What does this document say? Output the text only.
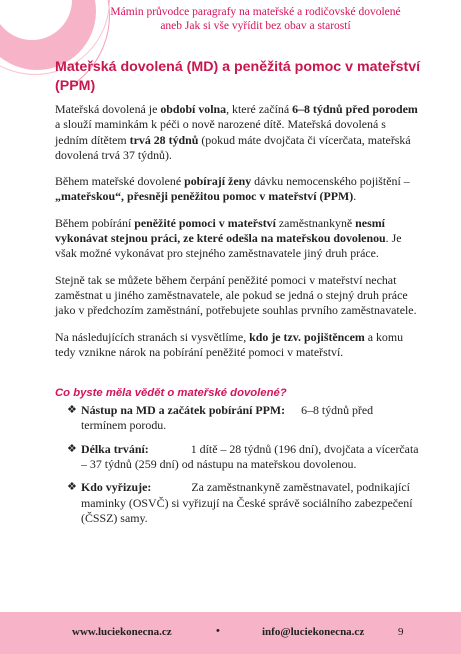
Mámin průvodce paragrafy na mateřské a rodičovské dovolené
aneb Jak si vše vyřídit bez obav a starostí
Mateřská dovolená (MD) a peněžitá pomoc v mateřství (PPM)

Mateřská dovolená je období volna, které začíná 6–8 týdnů před porodem a slouží maminkám k péči o nově narozené dítě. Mateřská dovolená s jedním dítětem trvá 28 týdnů (pokud máte dvojčata či vícerčata, mateřská dovolená trvá 37 týdnů).

Během mateřské dovolené pobírají ženy dávku nemocenského pojištění – „mateřskou“, přesněji peněžitou pomoc v mateřství (PPM).

Během pobírání peněžité pomoci v mateřství zaměstnankyně nesmí vykonávat stejnou práci, ze které odešla na mateřskou dovolenou. Je však možné vykonávat pro stejného zaměstnavatele jiný druh práce.

Stejně tak se můžete během čerpání peněžité pomoci v mateřství nechat zaměstnat u jiného zaměstnavatele, ale pokud se jedná o stejný druh práce jako v předchozím zaměstnání, potřebujete souhlas prvního zaměstnavatele.

Na následujících stranách si vysvětlíme, kdo je tzv. pojištěncem a komu tedy vznikne nárok na pobírání peněžité pomoci v mateřství.

Co byste měla vědět o mateřské dovolené?
❖ Nástup na MD a začátek pobírání PPM: 6–8 týdnů před termínem porodu.
❖ Délka trvání:	1 dítě – 28 týdnů (196 dní), dvojčata a vícerčata – 37 týdnů (259 dní) od nástupu na mateřskou dovolenou.
❖ Kdo vyřizuje:	Za zaměstnankyně zaměstnavatel, podnikající maminky (OSVČ) si vyřizují na České správě sociálního zabezpečení (ČSSZ) samy.
www.luciekonecna.cz	•	info@luciekonecna.cz	9
